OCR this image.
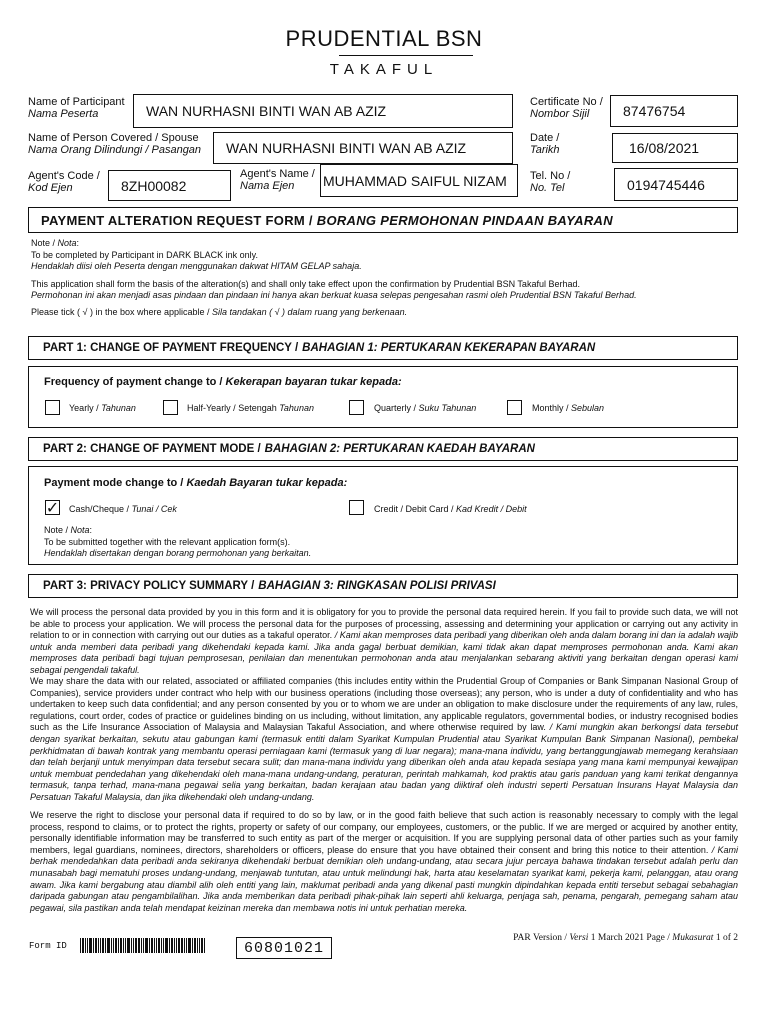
PRUDENTIAL BSN
TAKAFUL
Name of Participant
Nama Peserta	WAN NURHASNI BINTI WAN AB AZIZ
Name of Person Covered / Spouse
Nama Orang Dilindungi / Pasangan	WAN NURHASNI BINTI WAN AB AZIZ
Agent's Code /
Kod Ejen	8ZH00082
Agent's Name /
Nama Ejen	MUHAMMAD SAIFUL NIZAM
Certificate No /
Nombor Sijil	87476754
Date /
Tarikh	16/08/2021
Tel. No /
No. Tel	0194745446
PAYMENT ALTERATION REQUEST FORM / BORANG PERMOHONAN PINDAAN BAYARAN
Note / Nota:
To be completed by Participant in DARK BLACK ink only.
Hendaklah diisi oleh Peserta dengan menggunakan dakwat HITAM GELAP sahaja.
This application shall form the basis of the alteration(s) and shall only take effect upon the confirmation by Prudential BSN Takaful Berhad.
Permohonan ini akan menjadi asas pindaan dan pindaan ini hanya akan berkuat kuasa selepas pengesahan rasmi oleh Prudential BSN Takaful Berhad.
Please tick ( √ ) in the box where applicable / Sila tandakan ( √ ) dalam ruang yang berkenaan.
PART 1: CHANGE OF PAYMENT FREQUENCY / BAHAGIAN 1: PERTUKARAN KEKERAPAN BAYARAN
Frequency of payment change to / Kekerapan bayaran tukar kepada:
Yearly / Tahunan	Half-Yearly / Setengah Tahunan	Quarterly / Suku Tahunan	Monthly / Sebulan
PART 2: CHANGE OF PAYMENT MODE / BAHAGIAN 2: PERTUKARAN KAEDAH BAYARAN
Payment mode change to / Kaedah Bayaran tukar kepada:
✓ Cash/Cheque / Tunai / Cek	Credit / Debit Card / Kad Kredit / Debit
Note / Nota:
To be submitted together with the relevant application form(s).
Hendaklah disertakan dengan borang permohonan yang berkaitan.
PART 3: PRIVACY POLICY SUMMARY / BAHAGIAN 3: RINGKASAN POLISI PRIVASI
We will process the personal data provided by you in this form and it is obligatory for you to provide the personal data required herein. If you fail to provide such data, we will not be able to process your application. We will process the personal data for the purposes of processing, assessing and determining your application or carrying out any activity in relation to or in connection with carrying out our duties as a takaful operator. / Kami akan memproses data peribadi yang diberikan oleh anda dalam borang ini dan ia adalah wajib untuk anda memberi data peribadi yang dikehendaki kepada kami. Jika anda gagal berbuat demikian, kami tidak akan dapat memproses permohonan anda. Kami akan memproses data peribadi bagi tujuan pemprosesan, penilaian dan menentukan permohonan anda atau menjalankan sebarang aktiviti yang berkaitan dengan operasi kami sebagai pengendali takaful.
We may share the data with our related, associated or affiliated companies (this includes entity within the Prudential Group of Companies or Bank Simpanan Nasional Group of Companies), service providers under contract who help with our business operations (including those overseas); any person, who is under a duty of confidentiality and who has undertaken to keep such data confidential; and any person consented by you or to whom we are under an obligation to make disclosure under the requirements of any law, rules, regulations, court order, codes of practice or guidelines binding on us including, without limitation, any applicable regulators, governmental bodies, or industry recognised bodies such as the Life Insurance Association of Malaysia and Malaysian Takaful Association, and where otherwise required by law. / Kami mungkin akan berkongsi data tersebut dengan syarikat berkaitan, sekutu atau gabungan kami (termasuk entiti dalam Syarikat Kumpulan Prudential atau Syarikat Kumpulan Bank Simpanan Nasional), pembekal perkhidmatan di bawah kontrak yang membantu operasi perniagaan kami (termasuk yang di luar negara); mana-mana individu, yang bertanggungjawab memegang kerahsiaan dan telah berjanji untuk menyimpan data tersebut secara sulit; dan mana-mana individu yang diberikan oleh anda atau kepada sesiapa yang mana kami mempunyai kewajipan untuk membuat pendedahan yang dikehendaki oleh mana-mana undang-undang, peraturan, perintah mahkamah, kod praktis atau garis panduan yang kami terikat dengannya termasuk, tanpa terhad, mana-mana pegawai selia yang berkaitan, badan kerajaan atau badan yang diiktiraf oleh industri seperti Persatuan Insurans Hayat Malaysia dan Persatuan Takaful Malaysia, dan jika dikehendaki oleh undang-undang.
We reserve the right to disclose your personal data if required to do so by law, or in the good faith believe that such action is reasonably necessary to comply with the legal process, respond to claims, or to protect the rights, property or safety of our company, our employees, customers, or the public. If we are merged or acquired by another entity, personally identifiable information may be transferred to such entity as part of the merger or acquisition. If you are supplying personal data of other parties such as your family members, legal guardians, nominees, directors, shareholders or officers, please do ensure that you have obtained their consent and bring this notice to their attention. / Kami berhak mendedahkan data peribadi anda sekiranya dikehendaki berbuat demikian oleh undang-undang, atau secara jujur percaya bahawa tindakan tersebut adalah perlu dan munasabah bagi mematuhi proses undang-undang, menjawab tuntutan, atau untuk melindungi hak, harta atau keselamatan syarikat kami, pekerja kami, pelanggan, atau orang awam. Jika kami bergabung atau diambil alih oleh entiti yang lain, maklumat peribadi anda yang dikenal pasti mungkin dipindahkan kepada entiti tersebut sebagai sebahagian daripada gabungan atau pengambilalihan. Jika anda memberikan data peribadi pihak-pihak lain seperti ahli keluarga, penjaga sah, penama, pengarah, pemegang saham atau pegawai, sila pastikan anda telah mendapat keizinan mereka dan membawa notis ini untuk perhatian mereka.
Form ID	60801021
PAR Version / Versi 1 March 2021 Page / Mukasurat 1 of 2
